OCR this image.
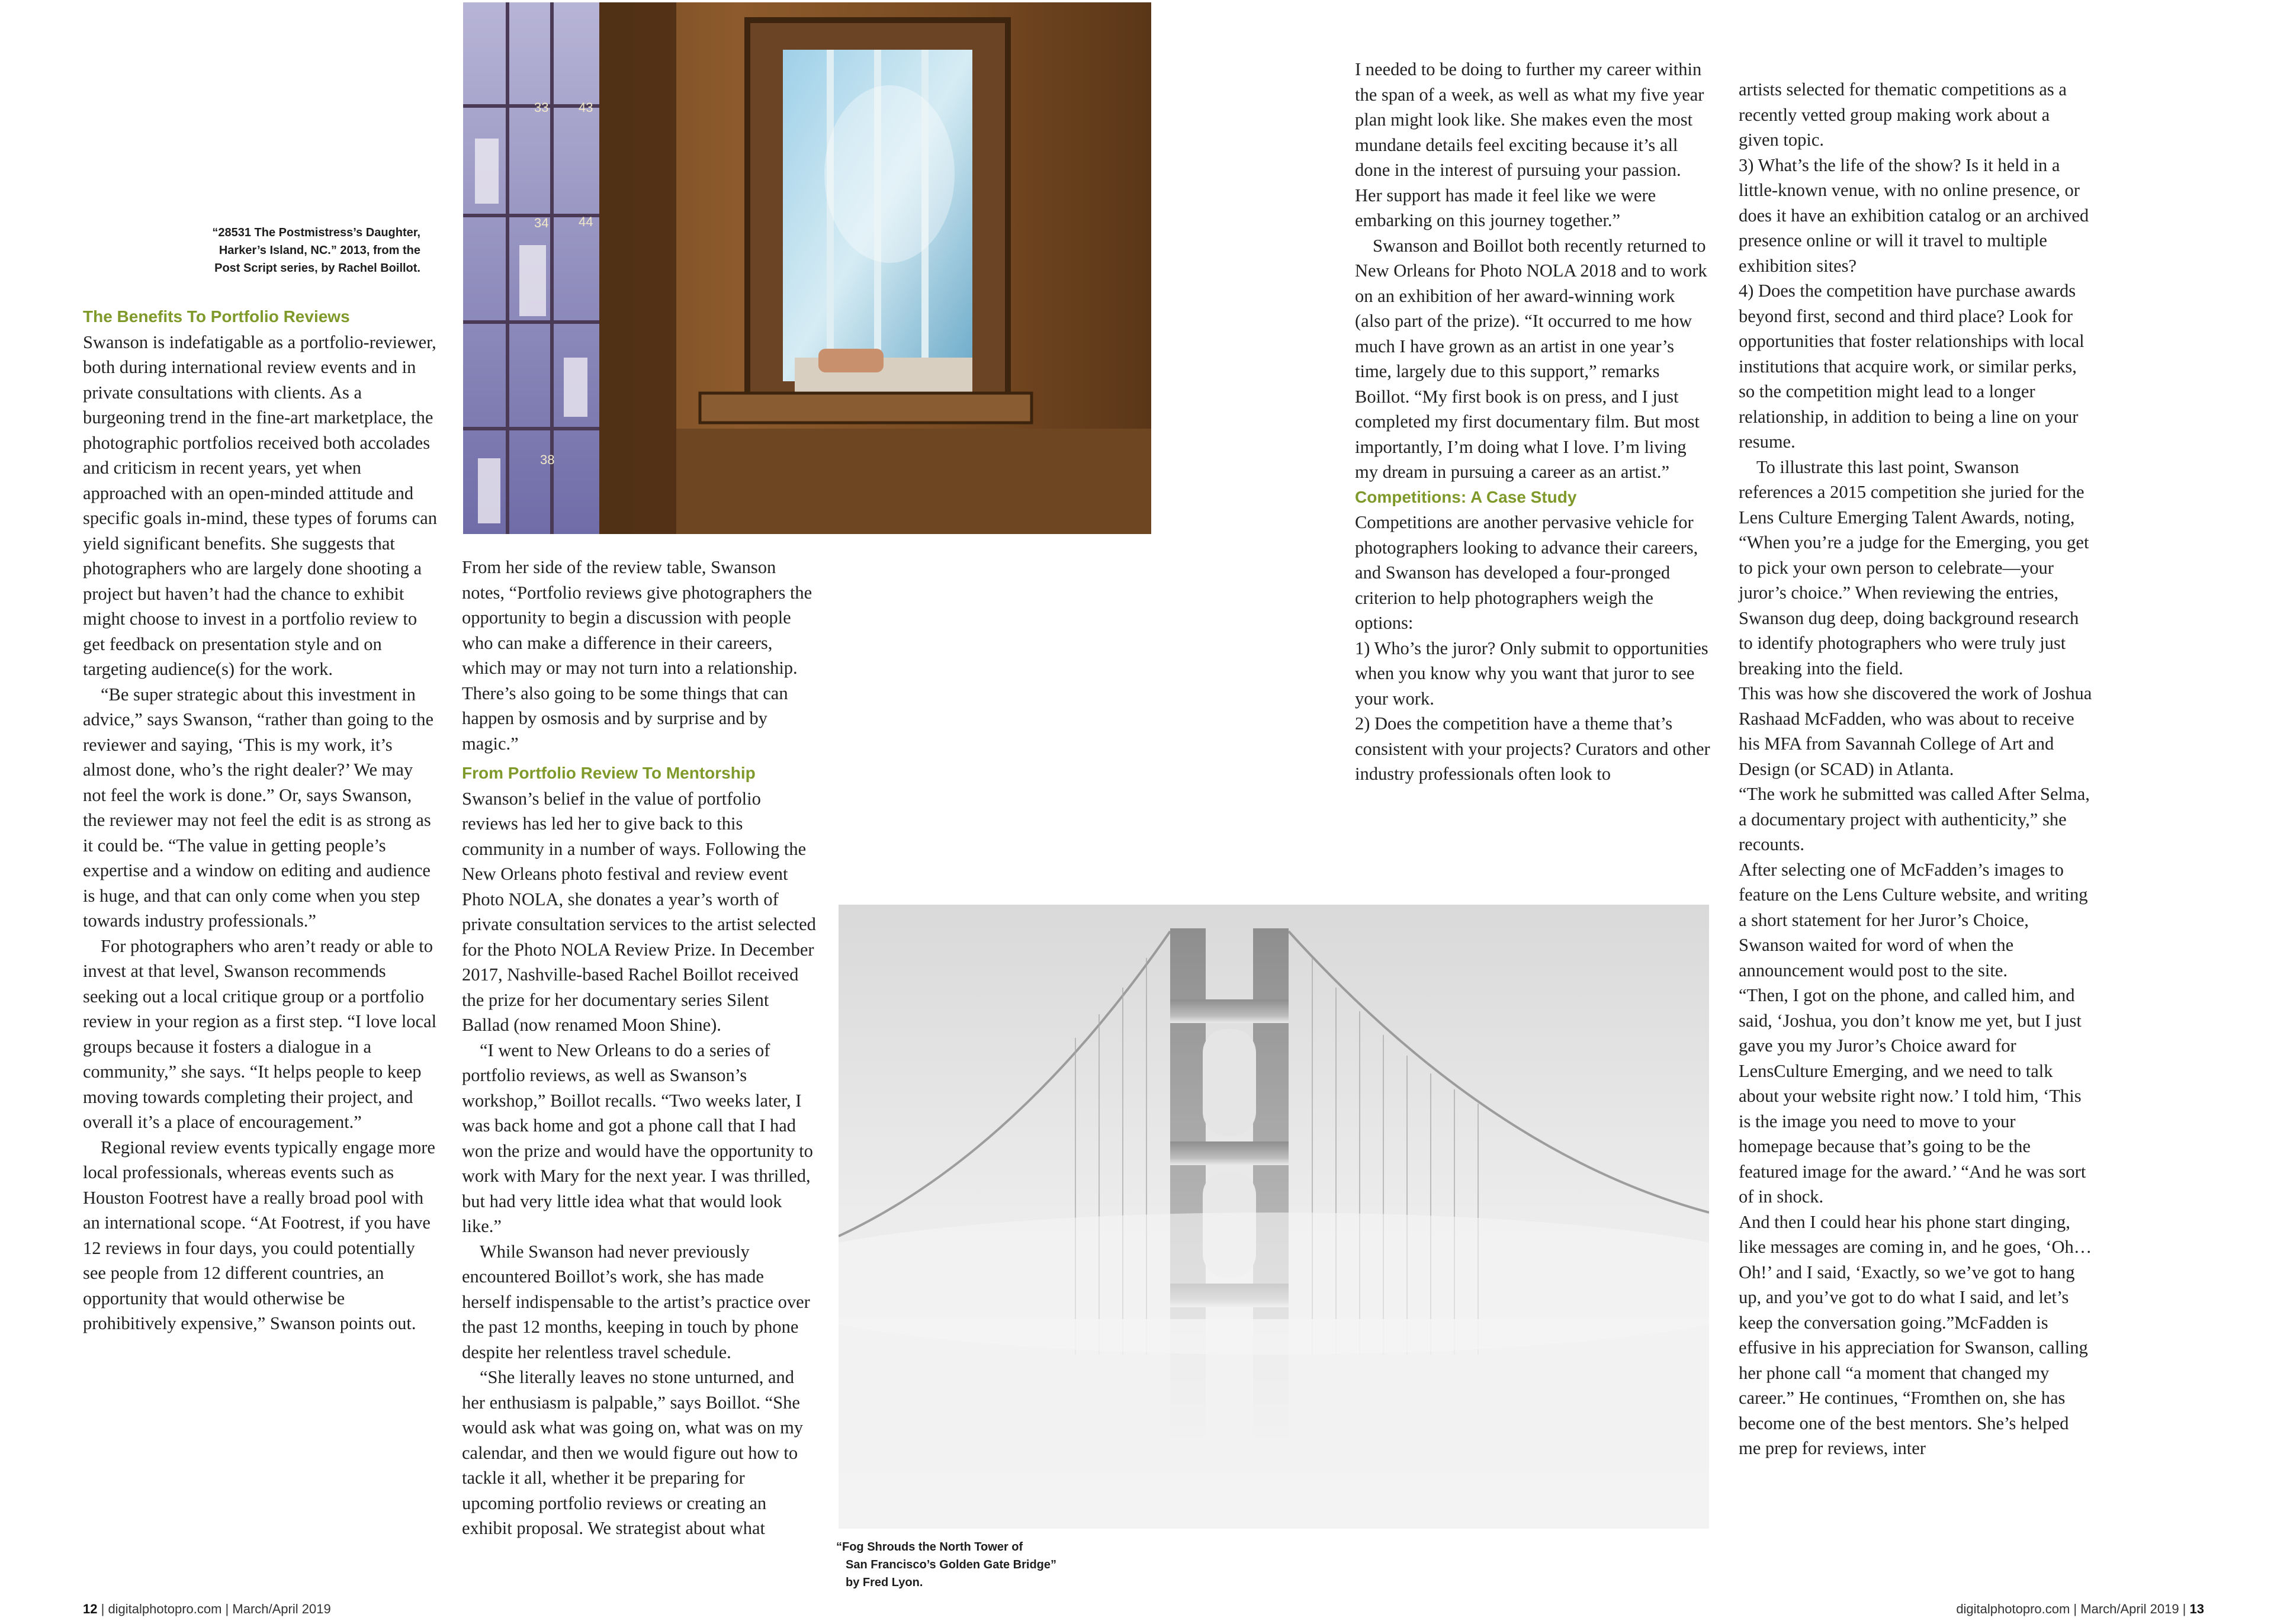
33 43
34 44
38
“28531 The Postmistress’s Daughter,
Harker’s Island, NC.” 2013, from the
Post Script series, by Rachel Boillot.
“Fog Shrouds the North Tower of
San Francisco’s Golden Gate Bridge”
by Fred Lyon.
The Benefits To Portfolio Reviews

Swanson is indefatigable as a portfolio-reviewer, both during international review events and in private consultations with clients. As a burgeoning trend in the fine-art marketplace, the photographic portfolios received both accolades and criticism in recent years, yet when approached with an open-minded attitude and specific goals in-mind, these types of forums can yield significant benefits. She suggests that photographers who are largely done shooting a project but haven’t had the chance to exhibit might choose to invest in a portfolio review to get feedback on presentation style and on targeting audience(s) for the work.

“Be super strategic about this investment in advice,” says Swanson, “rather than going to the reviewer and saying, ‘This is my work, it’s almost done, who’s the right dealer?’ We may not feel the work is done.” Or, says Swanson, the reviewer may not feel the edit is as strong as it could be. “The value in getting people’s expertise and a window on editing and audience is huge, and that can only come when you step towards industry professionals.”

For photographers who aren’t ready or able to invest at that level, Swanson recommends seeking out a local critique group or a portfolio review in your region as a first step. “I love local groups because it fosters a dialogue in a community,” she says. “It helps people to keep moving towards completing their project, and overall it’s a place of encouragement.”

Regional review events typically engage more local professionals, whereas events such as Houston Footrest have a really broad pool with an international scope. “At Footrest, if you have 12 reviews in four days, you could potentially see people from 12 different countries, an opportunity that would otherwise be prohibitively expensive,” Swanson points out.

From her side of the review table, Swanson notes, “Portfolio reviews give photographers the opportunity to begin a discussion with people who can make a difference in their careers, which may or may not turn into a relationship. There’s also going to be some things that can happen by osmosis and by surprise and by magic.”

From Portfolio Review To Mentorship

Swanson’s belief in the value of portfolio reviews has led her to give back to this community in a number of ways. Following the New Orleans photo festival and review event Photo NOLA, she donates a year’s worth of private consultation services to the artist selected for the Photo NOLA Review Prize. In December 2017, Nashville-based Rachel Boillot received the prize for her documentary series Silent Ballad (now renamed Moon Shine).

“I went to New Orleans to do a series of portfolio reviews, as well as Swanson’s workshop,” Boillot recalls. “Two weeks later, I was back home and got a phone call that I had won the prize and would have the opportunity to work with Mary for the next year. I was thrilled, but had very little idea what that would look like.”

While Swanson had never previously encountered Boillot’s work, she has made herself indispensable to the artist’s practice over the past 12 months, keeping in touch by phone despite her relentless travel schedule.

“She literally leaves no stone unturned, and her enthusiasm is palpable,” says Boillot. “She would ask what was going on, what was on my calendar, and then we would figure out how to tackle it all, whether it be preparing for upcoming portfolio reviews or creating an exhibit proposal. We strategist about what

I needed to be doing to further my career within the span of a week, as well as what my five year plan might look like. She makes even the most mundane details feel exciting because it’s all done in the interest of pursuing your passion. Her support has made it feel like we were embarking on this journey together.”

Swanson and Boillot both recently returned to New Orleans for Photo NOLA 2018 and to work on an exhibition of her award-winning work (also part of the prize). “It occurred to me how much I have grown as an artist in one year’s time, largely due to this support,” remarks Boillot. “My first book is on press, and I just completed my first documentary film. But most importantly, I’m doing what I love. I’m living my dream in pursuing a career as an artist.”

Competitions: A Case Study

Competitions are another pervasive vehicle for photographers looking to advance their careers, and Swanson has developed a four-pronged criterion to help photographers weigh the options:

1) Who’s the juror? Only submit to opportunities when you know why you want that juror to see your work.

2) Does the competition have a theme that’s consistent with your projects? Curators and other industry professionals often look to

artists selected for thematic competitions as a recently vetted group making work about a given topic.

3) What’s the life of the show? Is it held in a little-known venue, with no online presence, or does it have an exhibition catalog or an archived presence online or will it travel to multiple exhibition sites?

4) Does the competition have purchase awards beyond first, second and third place? Look for opportunities that foster relationships with local institutions that acquire work, or similar perks, so the competition might lead to a longer relationship, in addition to being a line on your resume.

To illustrate this last point, Swanson references a 2015 competition she juried for the Lens Culture Emerging Talent Awards, noting, “When you’re a judge for the Emerging, you get to pick your own person to celebrate—your juror’s choice.” When reviewing the entries, Swanson dug deep, doing background research to identify photographers who were truly just breaking into the field.

This was how she discovered the work of Joshua Rashaad McFadden, who was about to receive his MFA from Savannah College of Art and Design (or SCAD) in Atlanta.

“The work he submitted was called After Selma, a documentary project with authenticity,” she recounts.

After selecting one of McFadden’s images to feature on the Lens Culture website, and writing a short statement for her Juror’s Choice, Swanson waited for word of when the announcement would post to the site.

“Then, I got on the phone, and called him, and said, ‘Joshua, you don’t know me yet, but I just gave you my Juror’s Choice award for LensCulture Emerging, and we need to talk about your website right now.’ I told him, ‘This is the image you need to move to your homepage because that’s going to be the featured image for the award.’ “And he was sort of in shock.

And then I could hear his phone start dinging, like messages are coming in, and he goes, ‘Oh…Oh!’ and I said, ‘Exactly, so we’ve got to hang up, and you’ve got to do what I said, and let’s keep the conversation going.”McFadden is effusive in his appreciation for Swanson, calling her phone call “a moment that changed my career.” He continues, “Fromthen on, she has become one of the best mentors. She’s helped me prep for reviews, inter

12 | digitalphotopro.com | March/April 2019	digitalphotopro.com | March/April 2019 | 13
